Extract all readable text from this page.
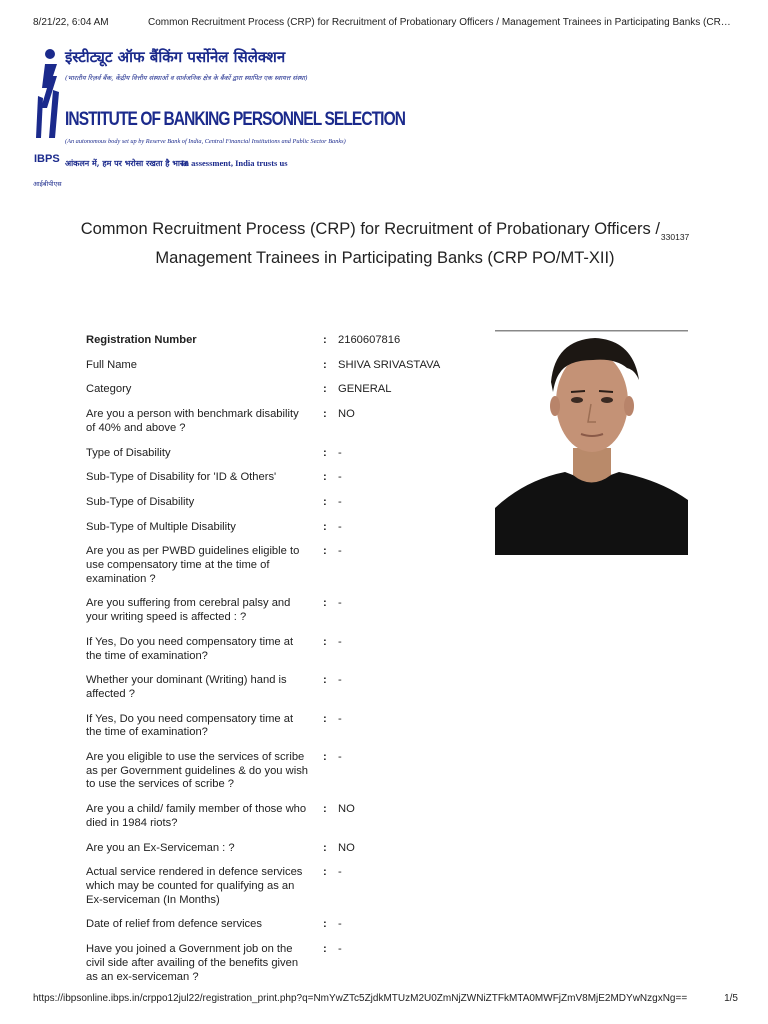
8/21/22, 6:04 AM	Common Recruitment Process (CRP) for Recruitment of Probationary Officers / Management Trainees in Participating Banks (CR…
IBPS
आईबीपीएस
इंस्टीट्यूट ऑफ बैंकिंग पर्सोनेल सिलेक्शन
(भारतीय रिज़र्व बैंक, केंद्रीय वित्तीय संस्थाओं व सार्वजनिक क्षेत्र के बैंकों द्वारा स्थापित एक स्वायत्त संस्था)
INSTITUTE OF BANKING PERSONNEL SELECTION
(An autonomous body set up by Reserve Bank of India, Central Financial Institutions and Public Sector Banks)
आंकलन में, हम पर भरोसा रखता है भारत
In assessment, India trusts us
Common Recruitment Process (CRP) for Recruitment of Probationary Officers $/_{330137}$
Management Trainees in Participating Banks (CRP PO/MT-XII)
Registration Number	: 2160607816
Full Name	: SHIVA SRIVASTAVA
Category	: GENERAL
Are you a person with benchmark disability of 40% and above ?
: NO
Type of Disability	: -
Sub-Type of Disability for 'ID & Others'	: -
Sub-Type of Disability	: -
Sub-Type of Multiple Disability	: -
Are you as per PWBD guidelines eligible to use compensatory time at the time of examination ?
: -
Are you suffering from cerebral palsy and your writing speed is affected : ?
: -
If Yes, Do you need compensatory time at the time of examination?
: -
Whether your dominant (Writing) hand is affected ?
: -
If Yes, Do you need compensatory time at the time of examination?
: -
Are you eligible to use the services of scribe as per Government guidelines & do you wish to use the services of scribe ?
: -
Are you a child/ family member of those who died in 1984 riots?
: NO
Are you an Ex-Serviceman : ?	: NO
Actual service rendered in defence services which may be counted for qualifying as an Ex-serviceman (In Months)
: -
Date of relief from defence services	: -
Have you joined a Government job on the civil side after availing of the benefits given as an ex-serviceman ?
: -
https://ibpsonline.ibps.in/crppo12jul22/registration_print.php?q=NmYwZTc5ZjdkMTUzM2U0ZmNjZWNiZTFkMTA0MWFjZmV8MjE2MDYwNzgxNg==	1/5
